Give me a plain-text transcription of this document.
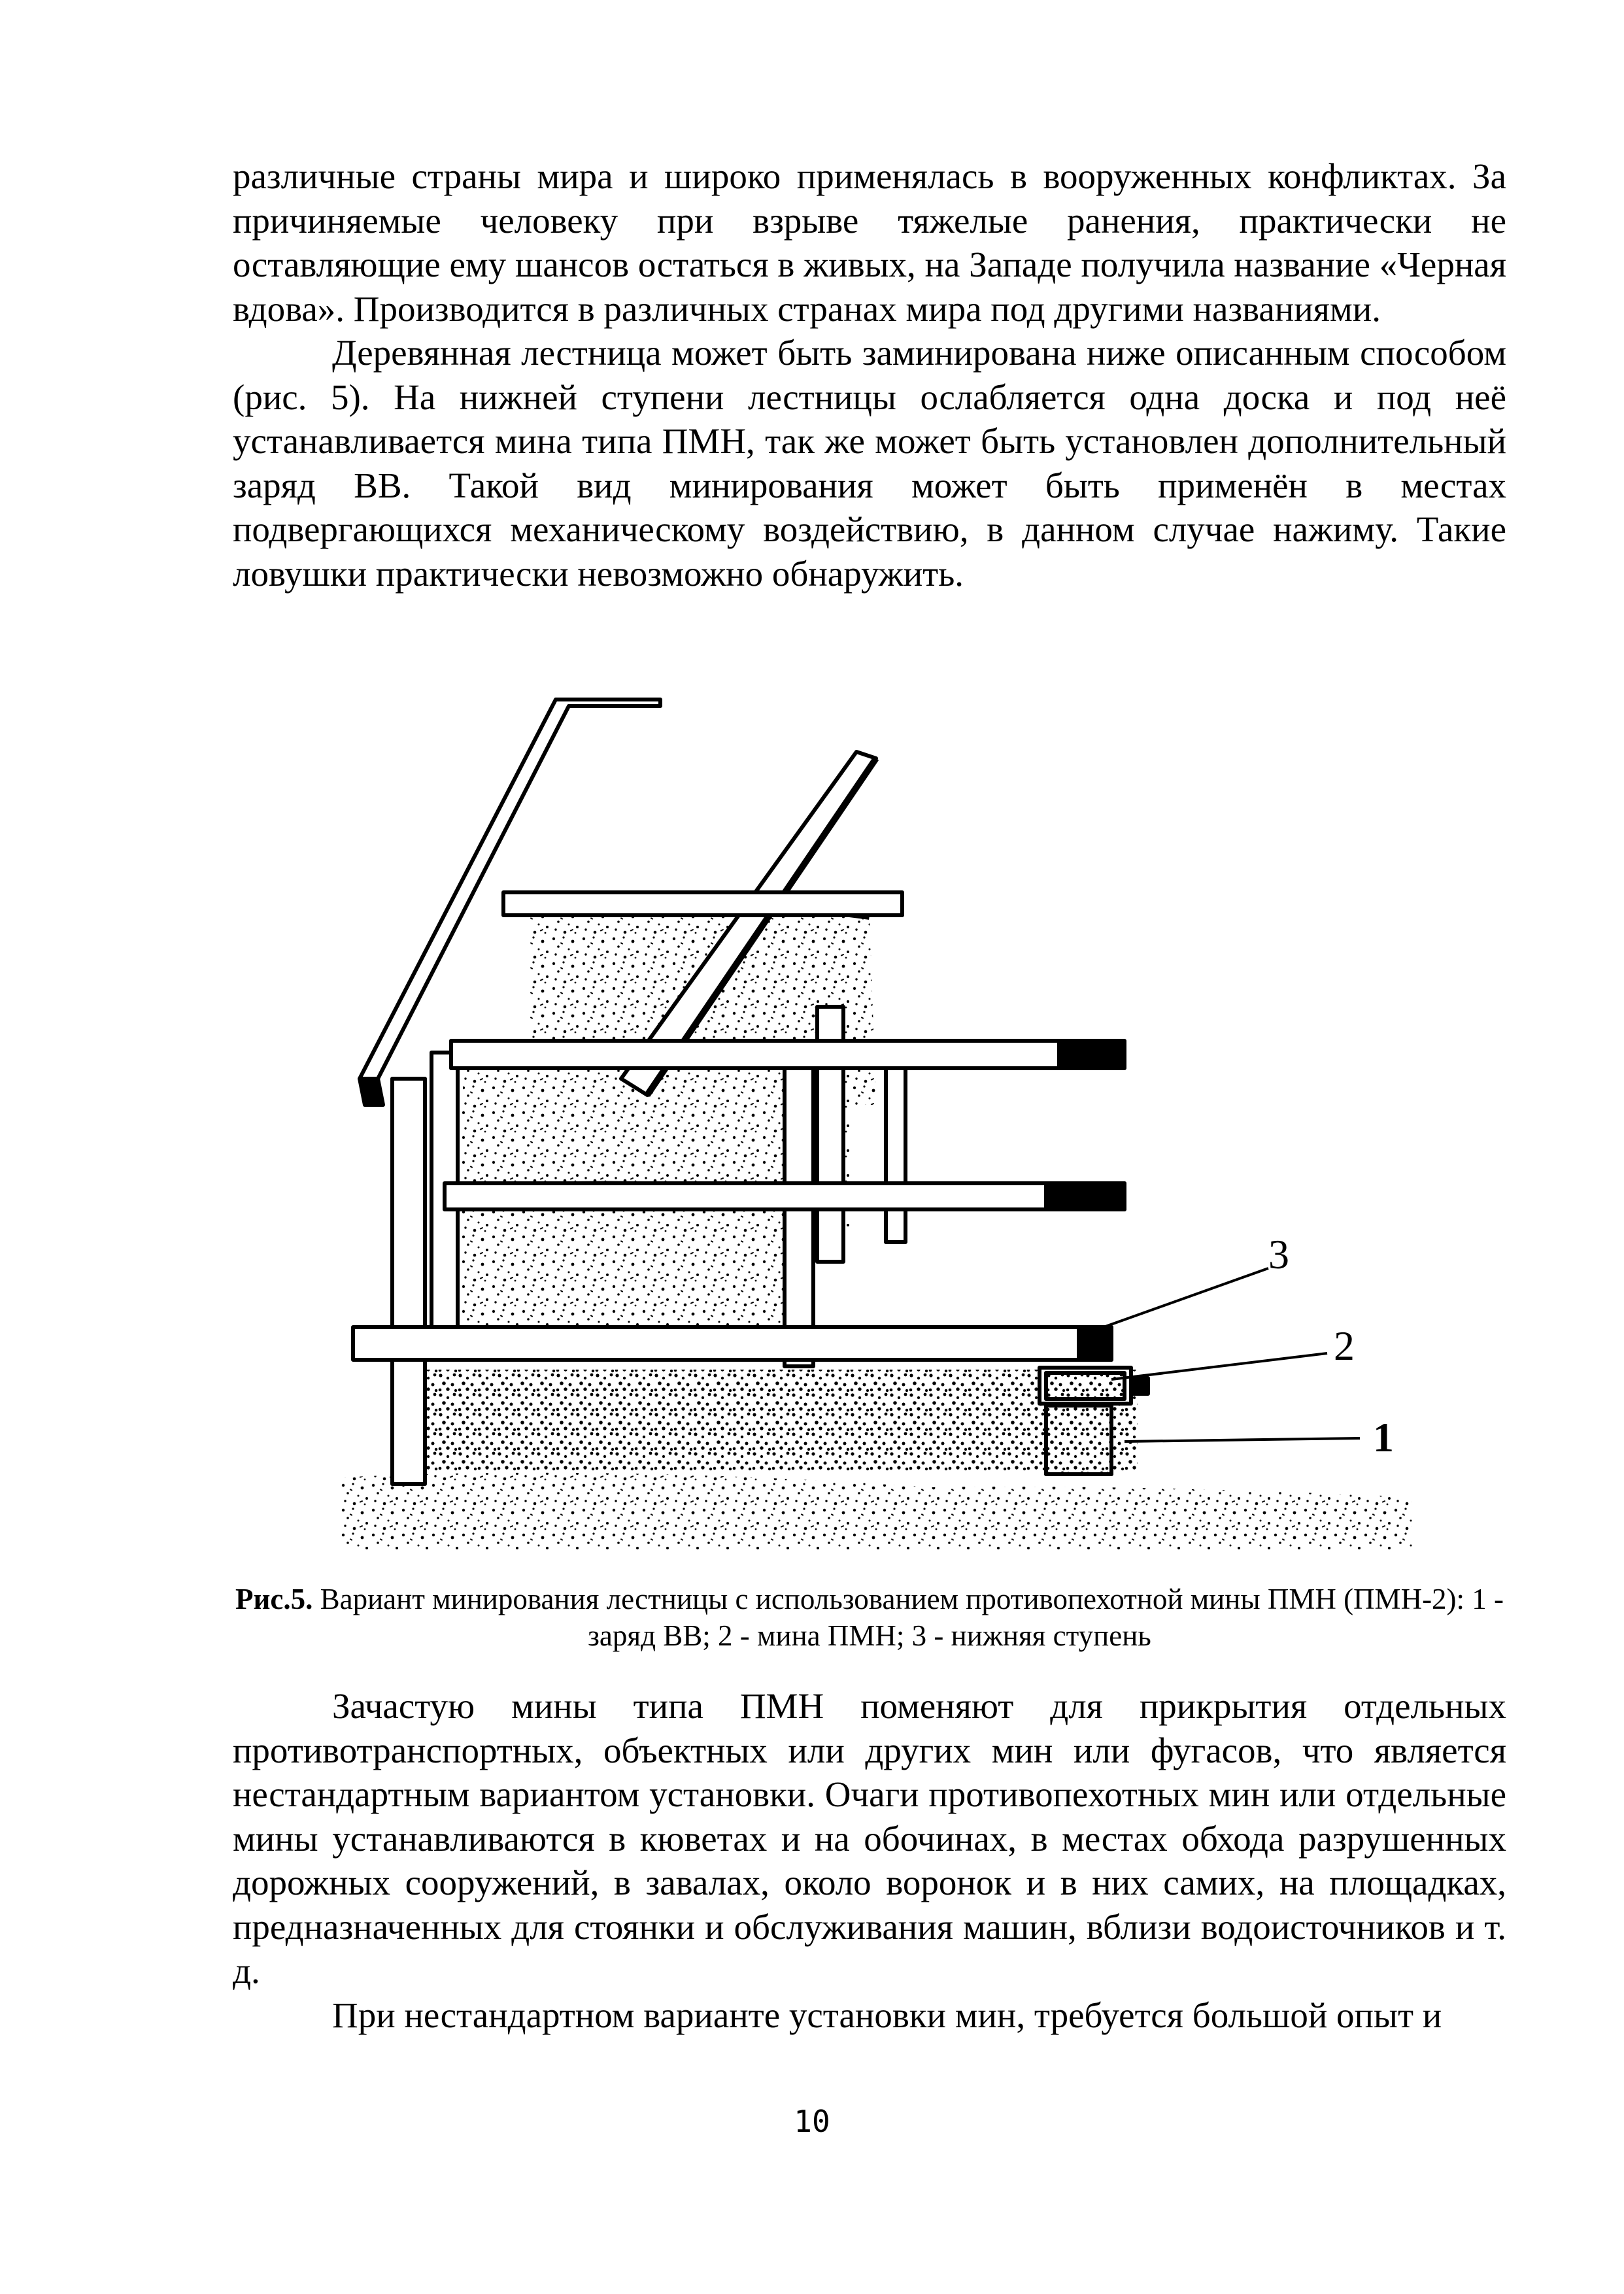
различные страны мира и широко применялась в вооруженных конфликтах. За причиняемые человеку при взрыве тяжелые ранения, практически не оставляющие ему шансов остаться в живых, на Западе получила название «Черная вдова». Производится в различных странах мира под другими названиями.

Деревянная лестница может быть заминирована ниже описанным способом (рис. 5). На нижней ступени лестницы ослабляется одна доска и под неё устанавливается мина типа ПМН, так же может быть установлен дополнительный заряд ВВ. Такой вид минирования может быть применён в местах подвергающихся механическому воздействию, в данном случае нажиму. Такие ловушки практически невозможно обнаружить.

3
2
1
Рис.5. Вариант минирования лестницы с использованием противопехотной мины ПМН (ПМН-2): 1 - заряд ВВ; 2 - мина ПМН; 3 - нижняя ступень

Зачастую мины типа ПМН поменяют для прикрытия отдельных противотранспортных, объектных или других мин или фугасов, что является нестандартным вариантом установки. Очаги противопехотных мин или отдельные мины устанавливаются в кюветах и на обочинах, в местах обхода разрушенных дорожных сооружений, в завалах, около воронок и в них самих, на площадках, предназначенных для стоянки и обслуживания машин, вблизи водоисточников и т. д.

При нестандартном варианте установки мин, требуется большой опыт и

10
